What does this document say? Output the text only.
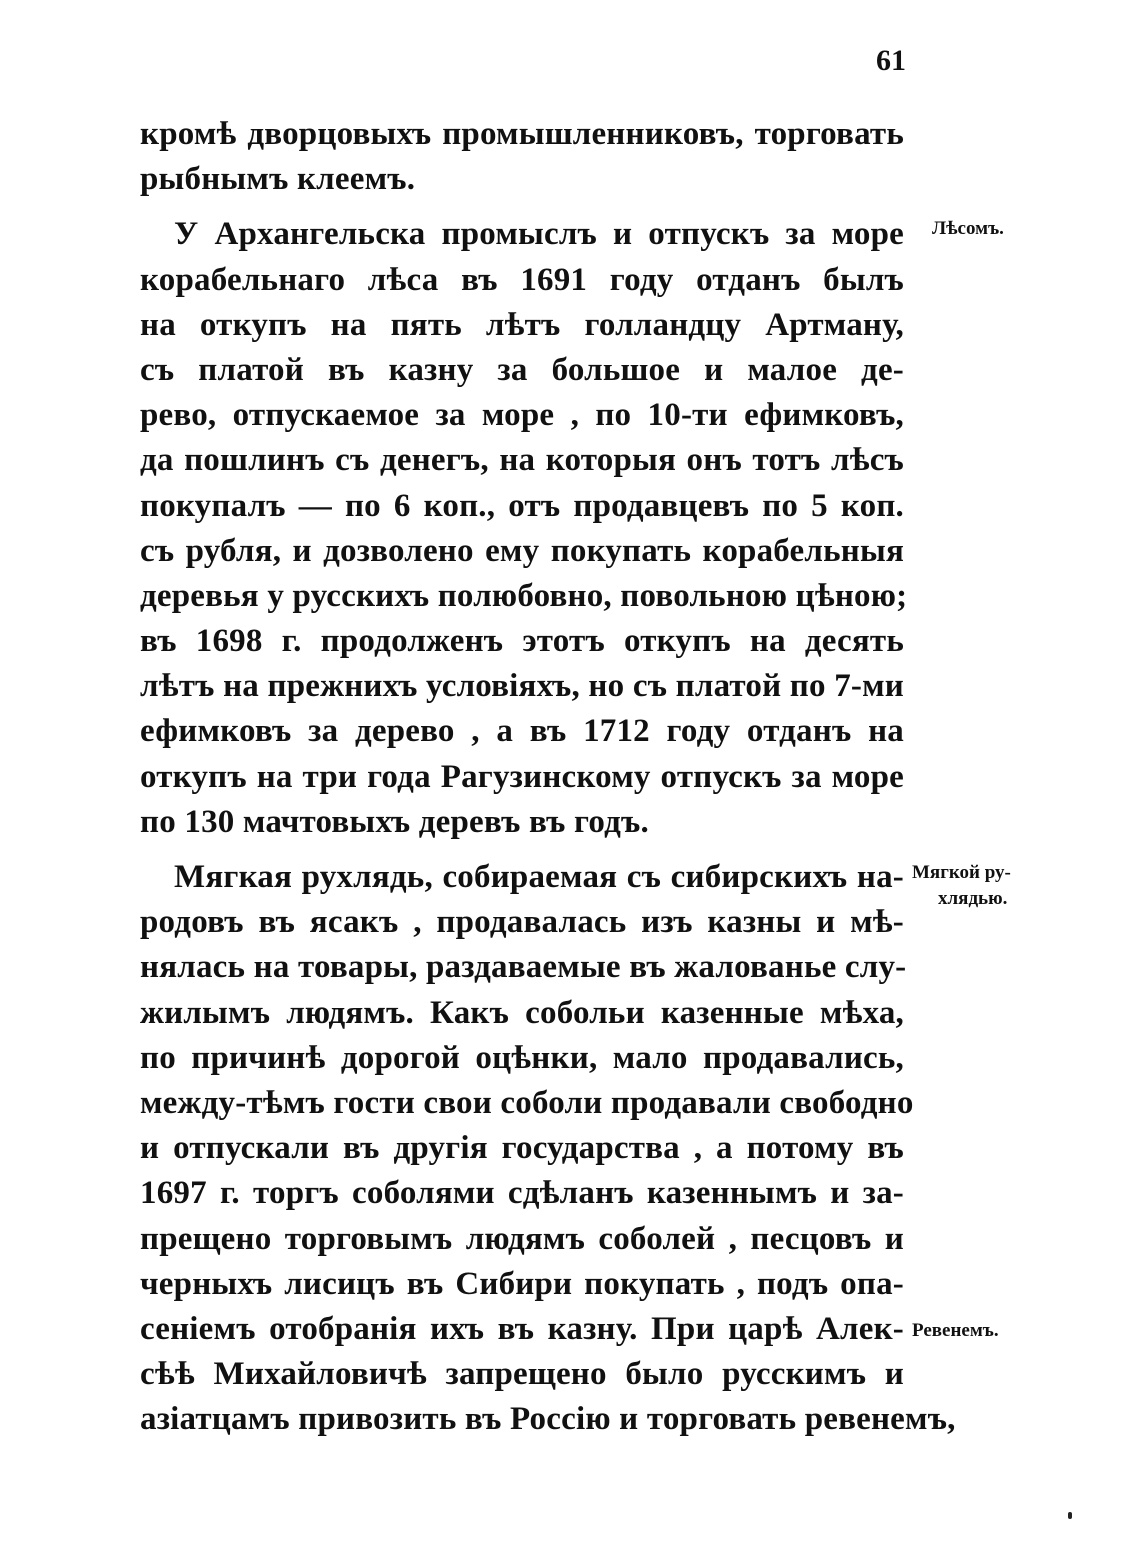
61
кромѣ дворцовыхъ промышленниковъ, торговать
рыбнымъ клеемъ.
У Архангельска промыслъ и отпускъ за море
корабельнаго лѣса въ 1691 году отданъ былъ
на откупъ на пять лѣтъ голландцу Артману,
съ платой въ казну за большое и малое де-
рево, отпускаемое за море , по 10-ти ефимковъ,
да пошлинъ съ денегъ, на которыя онъ тотъ лѣсъ
покупалъ — по 6 коп., отъ продавцевъ по 5 коп.
съ рубля, и дозволено ему покупать корабельныя
деревья у русскихъ полюбовно, повольною цѣною;
въ 1698 г. продолженъ этотъ откупъ на десять
лѣтъ на прежнихъ условіяхъ, но съ платой по 7-ми
ефимковъ за дерево , а въ 1712 году отданъ на
откупъ на три года Рагузинскому отпускъ за море
по 130 мачтовыхъ деревъ въ годъ.
Мягкая рухлядь, собираемая съ сибирскихъ на-
родовъ въ ясакъ , продавалась изъ казны и мѣ-
нялась на товары, раздаваемые въ жалованье слу-
жилымъ людямъ. Какъ собольи казенные мѣха,
по причинѣ дорогой оцѣнки, мало продавались,
между-тѣмъ гости свои соболи продавали свободно
и отпускали въ другія государства , а потому въ
1697 г. торгъ соболями сдѣланъ казеннымъ и за-
прещено торговымъ людямъ соболей , песцовъ и
черныхъ лисицъ въ Сибири покупать , подъ опа-
сеніемъ отобранія ихъ въ казну. При царѣ Алек-
сѣѣ Михайловичѣ запрещено было русскимъ и
азіатцамъ привозить въ Россію и торговать ревенемъ,
Лѣсомъ.
Мягкой ру-
хлядью.
Ревенемъ.
